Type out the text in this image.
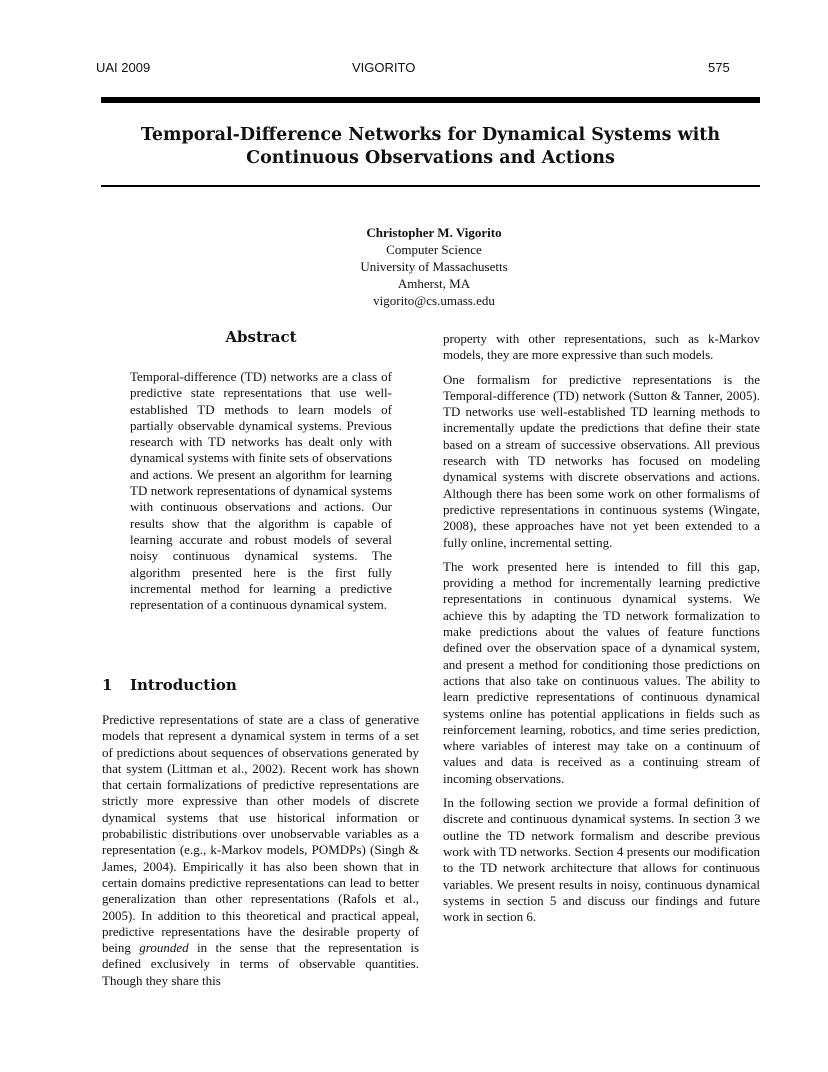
UAI 2009	VIGORITO	575
Temporal-Difference Networks for Dynamical Systems with
Continuous Observations and Actions
Christopher M. Vigorito
Computer Science
University of Massachusetts
Amherst, MA
vigorito@cs.umass.edu
Abstract

Temporal-difference (TD) networks are a class of predictive state representations that use well-established TD methods to learn models of partially observable dynamical systems. Previous research with TD networks has dealt only with dynamical systems with finite sets of observations and actions. We present an algorithm for learning TD network representations of dynamical systems with continuous observations and actions. Our results show that the algorithm is capable of learning accurate and robust models of several noisy continuous dynamical systems. The algorithm presented here is the first fully incremental method for learning a predictive representation of a continuous dynamical system.

1 Introduction

Predictive representations of state are a class of generative models that represent a dynamical system in terms of a set of predictions about sequences of observations generated by that system (Littman et al., 2002). Recent work has shown that certain formalizations of predictive representations are strictly more expressive than other models of discrete dynamical systems that use historical information or probabilistic distributions over unobservable variables as a representation (e.g., k-Markov models, POMDPs) (Singh & James, 2004). Empirically it has also been shown that in certain domains predictive representations can lead to better generalization than other representations (Rafols et al., 2005). In addition to this theoretical and practical appeal, predictive representations have the desirable property of being grounded in the sense that the representation is defined exclusively in terms of observable quantities. Though they share this

property with other representations, such as k-Markov models, they are more expressive than such models.

One formalism for predictive representations is the Temporal-difference (TD) network (Sutton & Tanner, 2005). TD networks use well-established TD learning methods to incrementally update the predictions that define their state based on a stream of successive observations. All previous research with TD networks has focused on modeling dynamical systems with discrete observations and actions. Although there has been some work on other formalisms of predictive representations in continuous systems (Wingate, 2008), these approaches have not yet been extended to a fully online, incremental setting.

The work presented here is intended to fill this gap, providing a method for incrementally learning predictive representations in continuous dynamical systems. We achieve this by adapting the TD network formalization to make predictions about the values of feature functions defined over the observation space of a dynamical system, and present a method for conditioning those predictions on actions that also take on continuous values. The ability to learn predictive representations of continuous dynamical systems online has potential applications in fields such as reinforcement learning, robotics, and time series prediction, where variables of interest may take on a continuum of values and data is received as a continuing stream of incoming observations.

In the following section we provide a formal definition of discrete and continuous dynamical systems. In section 3 we outline the TD network formalism and describe previous work with TD networks. Section 4 presents our modification to the TD network architecture that allows for continuous variables. We present results in noisy, continuous dynamical systems in section 5 and discuss our findings and future work in section 6.
